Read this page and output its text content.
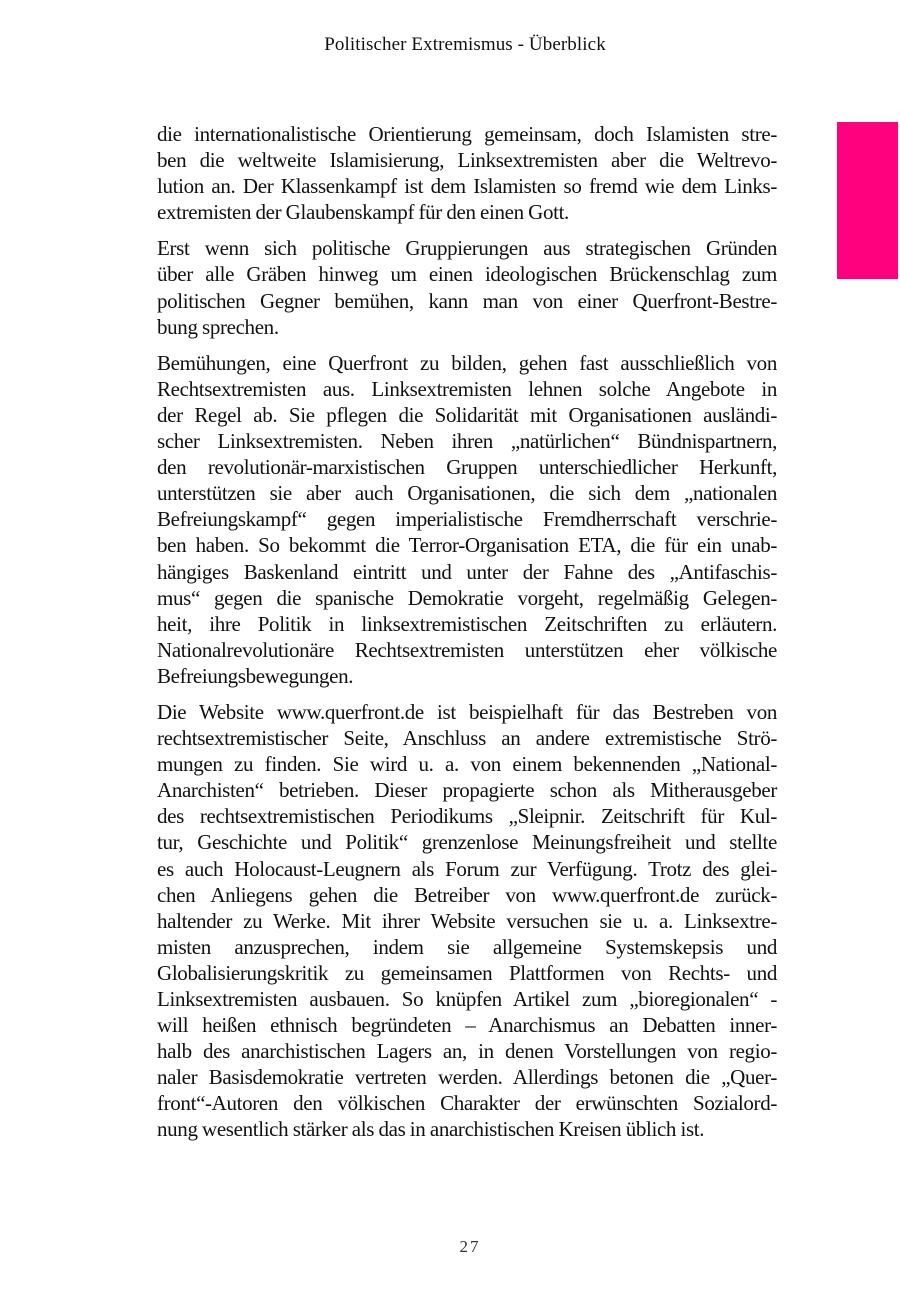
Politischer Extremismus - Überblick
die internationalistische Orientierung gemeinsam, doch Islamisten stre-
ben die weltweite Islamisierung, Linksextremisten aber die Weltrevo-
lution an. Der Klassenkampf ist dem Islamisten so fremd wie dem Links-
extremisten der Glaubenskampf für den einen Gott.
Erst wenn sich politische Gruppierungen aus strategischen Gründen
über alle Gräben hinweg um einen ideologischen Brückenschlag zum
politischen Gegner bemühen, kann man von einer Querfront-Bestre-
bung sprechen.
Bemühungen, eine Querfront zu bilden, gehen fast ausschließlich von
Rechtsextremisten aus. Linksextremisten lehnen solche Angebote in
der Regel ab. Sie pflegen die Solidarität mit Organisationen ausländi-
scher Linksextremisten. Neben ihren „natürlichen“ Bündnispartnern,
den revolutionär-marxistischen Gruppen unterschiedlicher Herkunft,
unterstützen sie aber auch Organisationen, die sich dem „nationalen
Befreiungskampf“ gegen imperialistische Fremdherrschaft verschrie-
ben haben. So bekommt die Terror-Organisation ETA, die für ein unab-
hängiges Baskenland eintritt und unter der Fahne des „Antifaschis-
mus“ gegen die spanische Demokratie vorgeht, regelmäßig Gelegen-
heit, ihre Politik in linksextremistischen Zeitschriften zu erläutern.
Nationalrevolutionäre Rechtsextremisten unterstützen eher völkische
Befreiungsbewegungen.
Die Website www.querfront.de ist beispielhaft für das Bestreben von
rechtsextremistischer Seite, Anschluss an andere extremistische Strö-
mungen zu finden. Sie wird u. a. von einem bekennenden „National-
Anarchisten“ betrieben. Dieser propagierte schon als Mitherausgeber
des rechtsextremistischen Periodikums „Sleipnir. Zeitschrift für Kul-
tur, Geschichte und Politik“ grenzenlose Meinungsfreiheit und stellte
es auch Holocaust-Leugnern als Forum zur Verfügung. Trotz des glei-
chen Anliegens gehen die Betreiber von www.querfront.de zurück-
haltender zu Werke. Mit ihrer Website versuchen sie u. a. Linksextre-
misten anzusprechen, indem sie allgemeine Systemskepsis und
Globalisierungskritik zu gemeinsamen Plattformen von Rechts- und
Linksextremisten ausbauen. So knüpfen Artikel zum „bioregionalen“ -
will heißen ethnisch begründeten – Anarchismus an Debatten inner-
halb des anarchistischen Lagers an, in denen Vorstellungen von regio-
naler Basisdemokratie vertreten werden. Allerdings betonen die „Quer-
front“-Autoren den völkischen Charakter der erwünschten Sozialord-
nung wesentlich stärker als das in anarchistischen Kreisen üblich ist.
27
